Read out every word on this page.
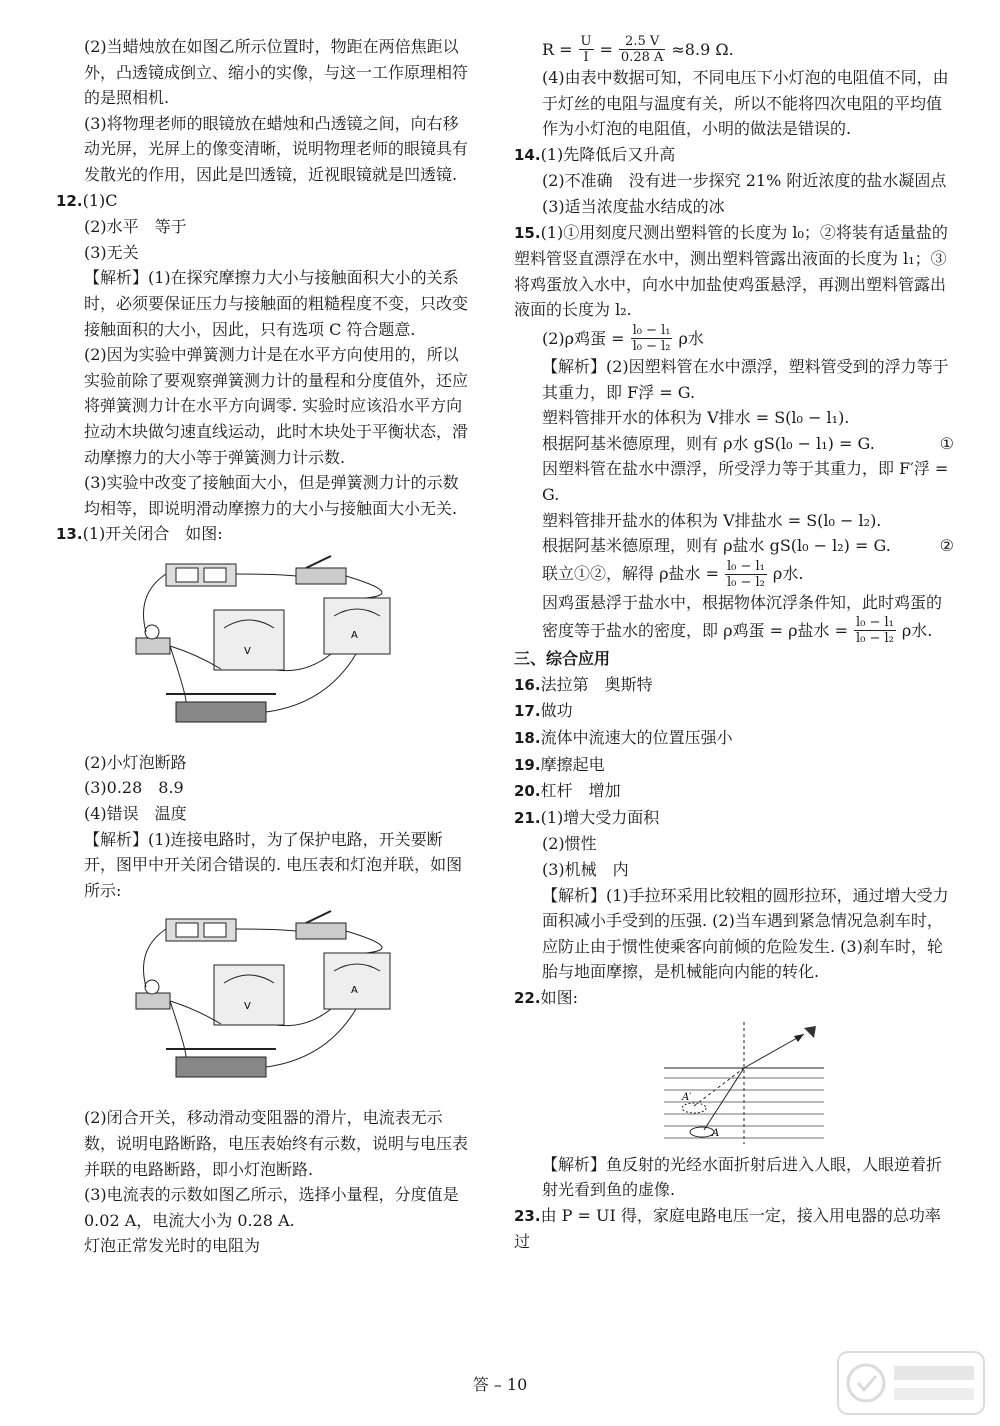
(2)当蜡烛放在如图乙所示位置时，物距在两倍焦距以外，凸透镜成倒立、缩小的实像，与这一工作原理相符的是照相机.

(3)将物理老师的眼镜放在蜡烛和凸透镜之间，向右移动光屏，光屏上的像变清晰，说明物理老师的眼镜具有发散光的作用，因此是凹透镜，近视眼镜就是凹透镜.

12.(1)C

(2)水平　等于

(3)无关

【解析】(1)在探究摩擦力大小与接触面积大小的关系时，必须要保证压力与接触面的粗糙程度不变，只改变接触面积的大小，因此，只有选项 C 符合题意.

(2)因为实验中弹簧测力计是在水平方向使用的，所以实验前除了要观察弹簧测力计的量程和分度值外，还应将弹簧测力计在水平方向调零. 实验时应该沿水平方向拉动木块做匀速直线运动，此时木块处于平衡状态，滑动摩擦力的大小等于弹簧测力计示数.

(3)实验中改变了接触面大小，但是弹簧测力计的示数均相等，即说明滑动摩擦力的大小与接触面大小无关.

13.(1)开关闭合　如图:

V
A

(2)小灯泡断路

(3)0.28　8.9

(4)错误　温度

【解析】(1)连接电路时，为了保护电路，开关要断开，图甲中开关闭合错误的. 电压表和灯泡并联，如图所示:

V
A

(2)闭合开关，移动滑动变阻器的滑片，电流表无示数，说明电路断路，电压表始终有示数，说明与电压表并联的电路断路，即小灯泡断路.

(3)电流表的示数如图乙所示，选择小量程，分度值是 0.02 A，电流大小为 0.28 A.

灯泡正常发光时的电阻为

$R = \frac{U}{I} = \frac{2.5 V}{0.28 A} \approx 8.9$ Ω.

(4)由表中数据可知，不同电压下小灯泡的电阻值不同，由于灯丝的电阻与温度有关，所以不能将四次电阻的平均值作为小灯泡的电阻值，小明的做法是错误的.

14.(1)先降低后又升高

(2)不准确　没有进一步探究 21% 附近浓度的盐水凝固点

(3)适当浓度盐水结成的冰

15.(1)①用刻度尺测出塑料管的长度为 l₀；②将装有适量盐的塑料管竖直漂浮在水中，测出塑料管露出液面的长度为 l₁；③将鸡蛋放入水中，向水中加盐使鸡蛋悬浮，再测出塑料管露出液面的长度为 l₂.

(2)ρ鸡蛋 = $\frac{\text{l₀ − l₁}}{\text{l₀ − l₂}}$ ρ水

【解析】(2)因塑料管在水中漂浮，塑料管受到的浮力等于其重力，即 F浮 = G.

塑料管排开水的体积为 V排水 = S(l₀ − l₁).

根据阿基米德原理，则有 ρ水 gS(l₀ − l₁) = G.	①

因塑料管在盐水中漂浮，所受浮力等于其重力，即 F′浮 = G.

塑料管排开盐水的体积为 V排盐水 = S(l₀ − l₂).

根据阿基米德原理，则有 ρ盐水 gS(l₀ − l₂) = G.	②

联立①②，解得 ρ盐水 = $\frac{\text{l₀ − l₁}}{\text{l₀ − l₂}}$ ρ水.

因鸡蛋悬浮于盐水中，根据物体沉浮条件知，此时鸡蛋的

密度等于盐水的密度，即 ρ鸡蛋 = ρ盐水 = $\frac{\text{l₀ − l₁}}{\text{l₀ − l₂}}$ ρ水.

三、综合应用

16.法拉第　奥斯特

17.做功

18.流体中流速大的位置压强小

19.摩擦起电

20.杠杆　增加

21.(1)增大受力面积

(2)惯性

(3)机械　内

【解析】(1)手拉环采用比较粗的圆形拉环，通过增大受力面积减小手受到的压强. (2)当车遇到紧急情况急刹车时，应防止由于惯性使乘客向前倾的危险发生. (3)刹车时，轮胎与地面摩擦，是机械能向内能的转化.

22.如图:

A′
A

【解析】鱼反射的光经水面折射后进入人眼，人眼逆着折射光看到鱼的虚像.

23.由 P = UI 得，家庭电路电压一定，接入用电器的总功率过

答 – 10
